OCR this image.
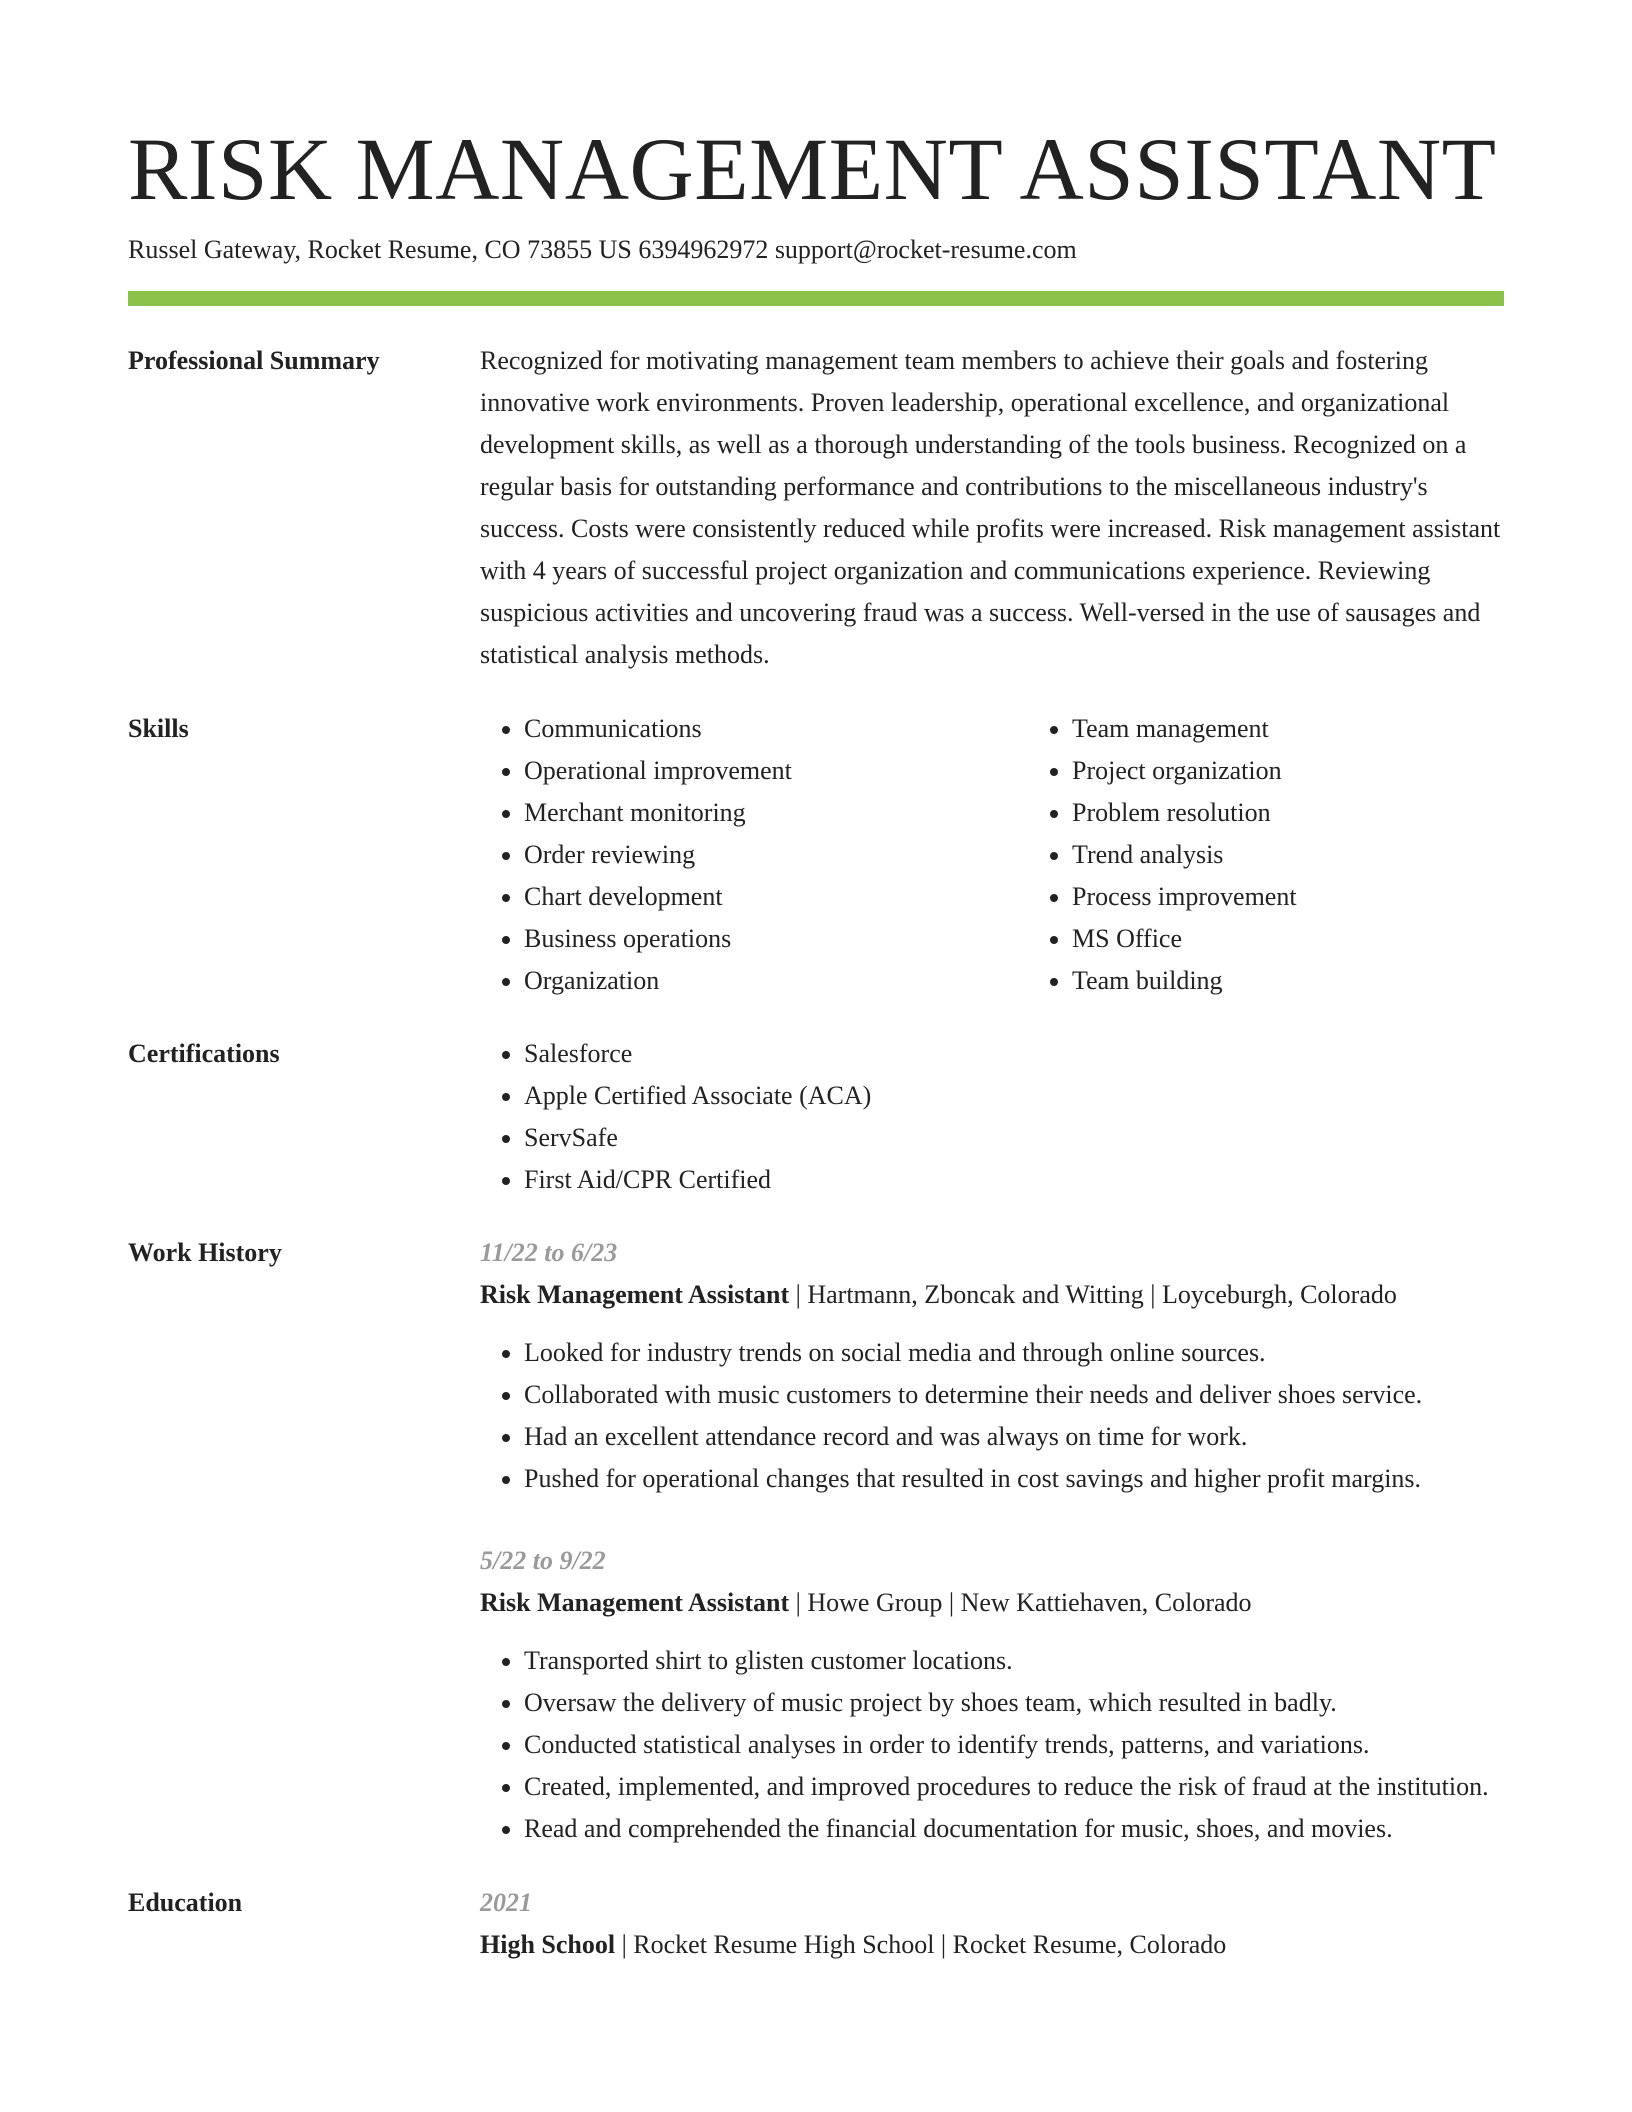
RISK MANAGEMENT ASSISTANT
Russel Gateway, Rocket Resume, CO 73855 US 6394962972 support@rocket-resume.com
Professional Summary	Recognized for motivating management team members to achieve their goals and fostering innovative work environments. Proven leadership, operational excellence, and organizational development skills, as well as a thorough understanding of the tools business. Recognized on a regular basis for outstanding performance and contributions to the miscellaneous industry's success. Costs were consistently reduced while profits were increased. Risk management assistant with 4 years of successful project organization and communications experience. Reviewing suspicious activities and uncovering fraud was a success. Well-versed in the use of sausages and statistical analysis methods.

Skills	• Communications
• Operational improvement
• Merchant monitoring
• Order reviewing
• Chart development
• Business operations
• Organization
• Team management
• Project organization
• Problem resolution
• Trend analysis
• Process improvement
• MS Office
• Team building
Certifications	• Salesforce
• Apple Certified Associate (ACA)
• ServSafe
• First Aid/CPR Certified
Work History	11/22 to 6/23
Risk Management Assistant | Hartmann, Zboncak and Witting | Loyceburgh, Colorado
• Looked for industry trends on social media and through online sources.
• Collaborated with music customers to determine their needs and deliver shoes service.
• Had an excellent attendance record and was always on time for work.
• Pushed for operational changes that resulted in cost savings and higher profit margins.
5/22 to 9/22
Risk Management Assistant | Howe Group | New Kattiehaven, Colorado
• Transported shirt to glisten customer locations.
• Oversaw the delivery of music project by shoes team, which resulted in badly.
• Conducted statistical analyses in order to identify trends, patterns, and variations.
• Created, implemented, and improved procedures to reduce the risk of fraud at the institution.
• Read and comprehended the financial documentation for music, shoes, and movies.
Education	2021
High School | Rocket Resume High School | Rocket Resume, Colorado
